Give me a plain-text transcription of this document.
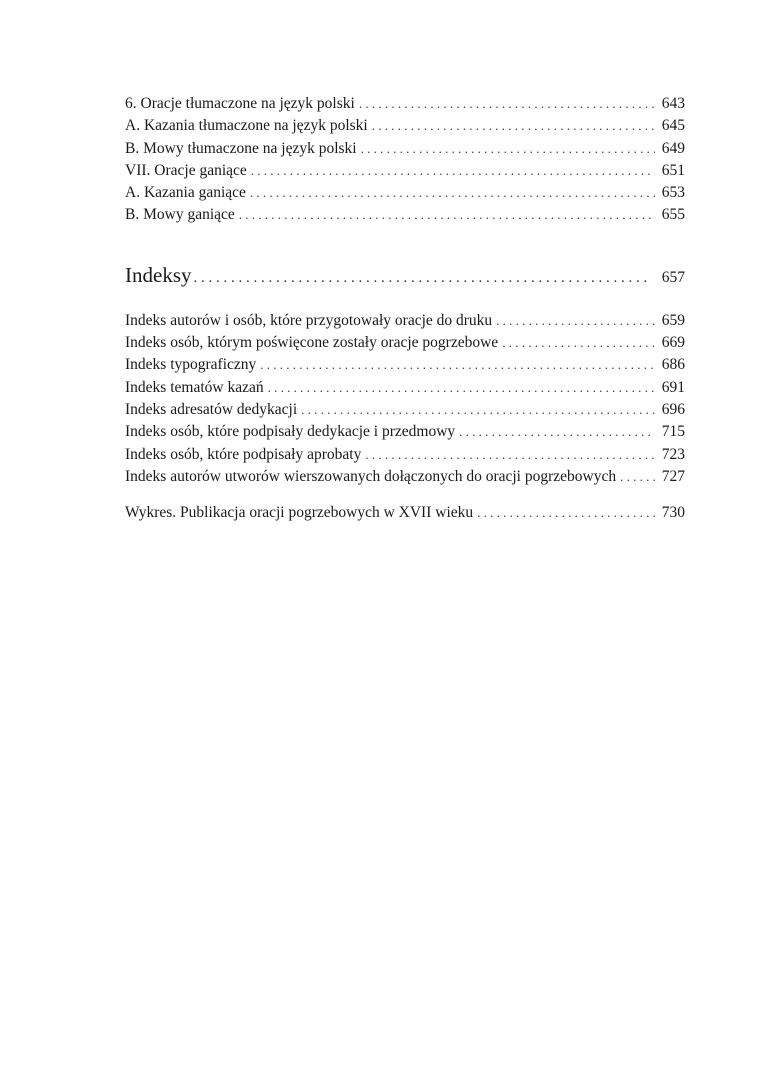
6. Oracje tłumaczone na język polski . . .	643
A. Kazania tłumaczone na język polski . . .	645
B. Mowy tłumaczone na język polski . . .	649
VII. Oracje ganiące . . .	651
A. Kazania ganiące . . .	653
B. Mowy ganiące . . .	655
Indeksy . . .	657
Indeks autorów i osób, które przygotowały oracje do druku . . .	659
Indeks osób, którym poświęcone zostały oracje pogrzebowe . . .	669
Indeks typograficzny . . .	686
Indeks tematów kazań . . .	691
Indeks adresatów dedykacji . . .	696
Indeks osób, które podpisały dedykacje i przedmowy . . .	715
Indeks osób, które podpisały aprobaty . . .	723
Indeks autorów utworów wierszowanych dołączonych do oracji pogrzebowych . . .	727
Wykres. Publikacja oracji pogrzebowych w XVII wieku . . .	730
